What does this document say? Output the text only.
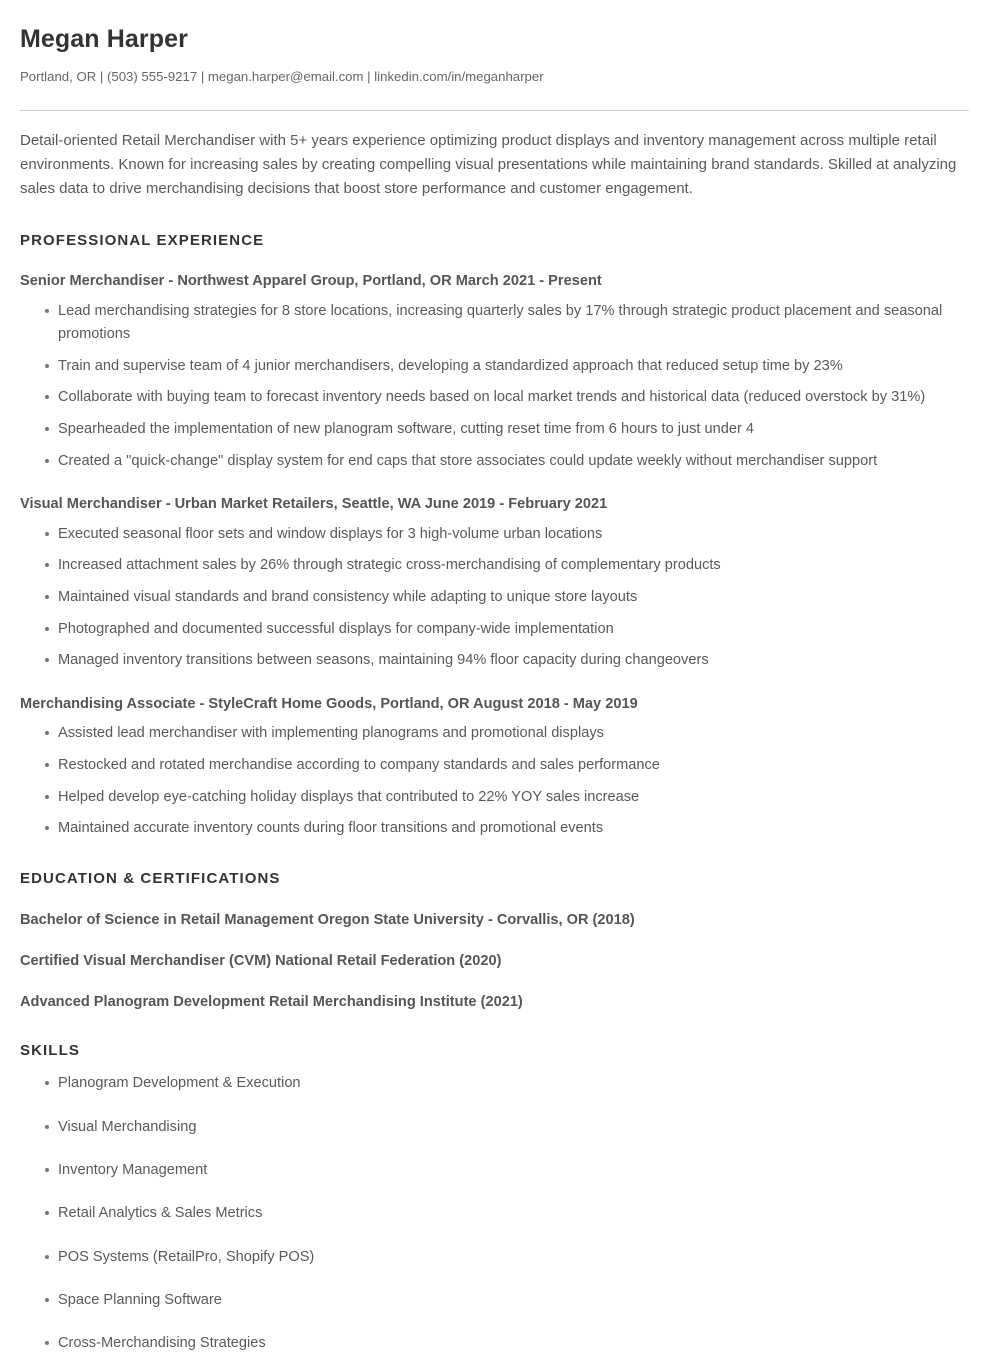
Megan Harper
Portland, OR | (503) 555-9217 | megan.harper@email.com | linkedin.com/in/meganharper

Detail-oriented Retail Merchandiser with 5+ years experience optimizing product displays and inventory management across multiple retail environments. Known for increasing sales by creating compelling visual presentations while maintaining brand standards. Skilled at analyzing sales data to drive merchandising decisions that boost store performance and customer engagement.

PROFESSIONAL EXPERIENCE
Senior Merchandiser - Northwest Apparel Group, Portland, OR March 2021 - Present
Lead merchandising strategies for 8 store locations, increasing quarterly sales by 17% through strategic product placement and seasonal promotions
Train and supervise team of 4 junior merchandisers, developing a standardized approach that reduced setup time by 23%
Collaborate with buying team to forecast inventory needs based on local market trends and historical data (reduced overstock by 31%)
Spearheaded the implementation of new planogram software, cutting reset time from 6 hours to just under 4
Created a "quick-change" display system for end caps that store associates could update weekly without merchandiser support
Visual Merchandiser - Urban Market Retailers, Seattle, WA June 2019 - February 2021
Executed seasonal floor sets and window displays for 3 high-volume urban locations
Increased attachment sales by 26% through strategic cross-merchandising of complementary products
Maintained visual standards and brand consistency while adapting to unique store layouts
Photographed and documented successful displays for company-wide implementation
Managed inventory transitions between seasons, maintaining 94% floor capacity during changeovers
Merchandising Associate - StyleCraft Home Goods, Portland, OR August 2018 - May 2019
Assisted lead merchandiser with implementing planograms and promotional displays
Restocked and rotated merchandise according to company standards and sales performance
Helped develop eye-catching holiday displays that contributed to 22% YOY sales increase
Maintained accurate inventory counts during floor transitions and promotional events
EDUCATION & CERTIFICATIONS
Bachelor of Science in Retail Management Oregon State University - Corvallis, OR (2018)
Certified Visual Merchandiser (CVM) National Retail Federation (2020)
Advanced Planogram Development Retail Merchandising Institute (2021)
SKILLS
Planogram Development & Execution
Visual Merchandising
Inventory Management
Retail Analytics & Sales Metrics
POS Systems (RetailPro, Shopify POS)
Space Planning Software
Cross-Merchandising Strategies
